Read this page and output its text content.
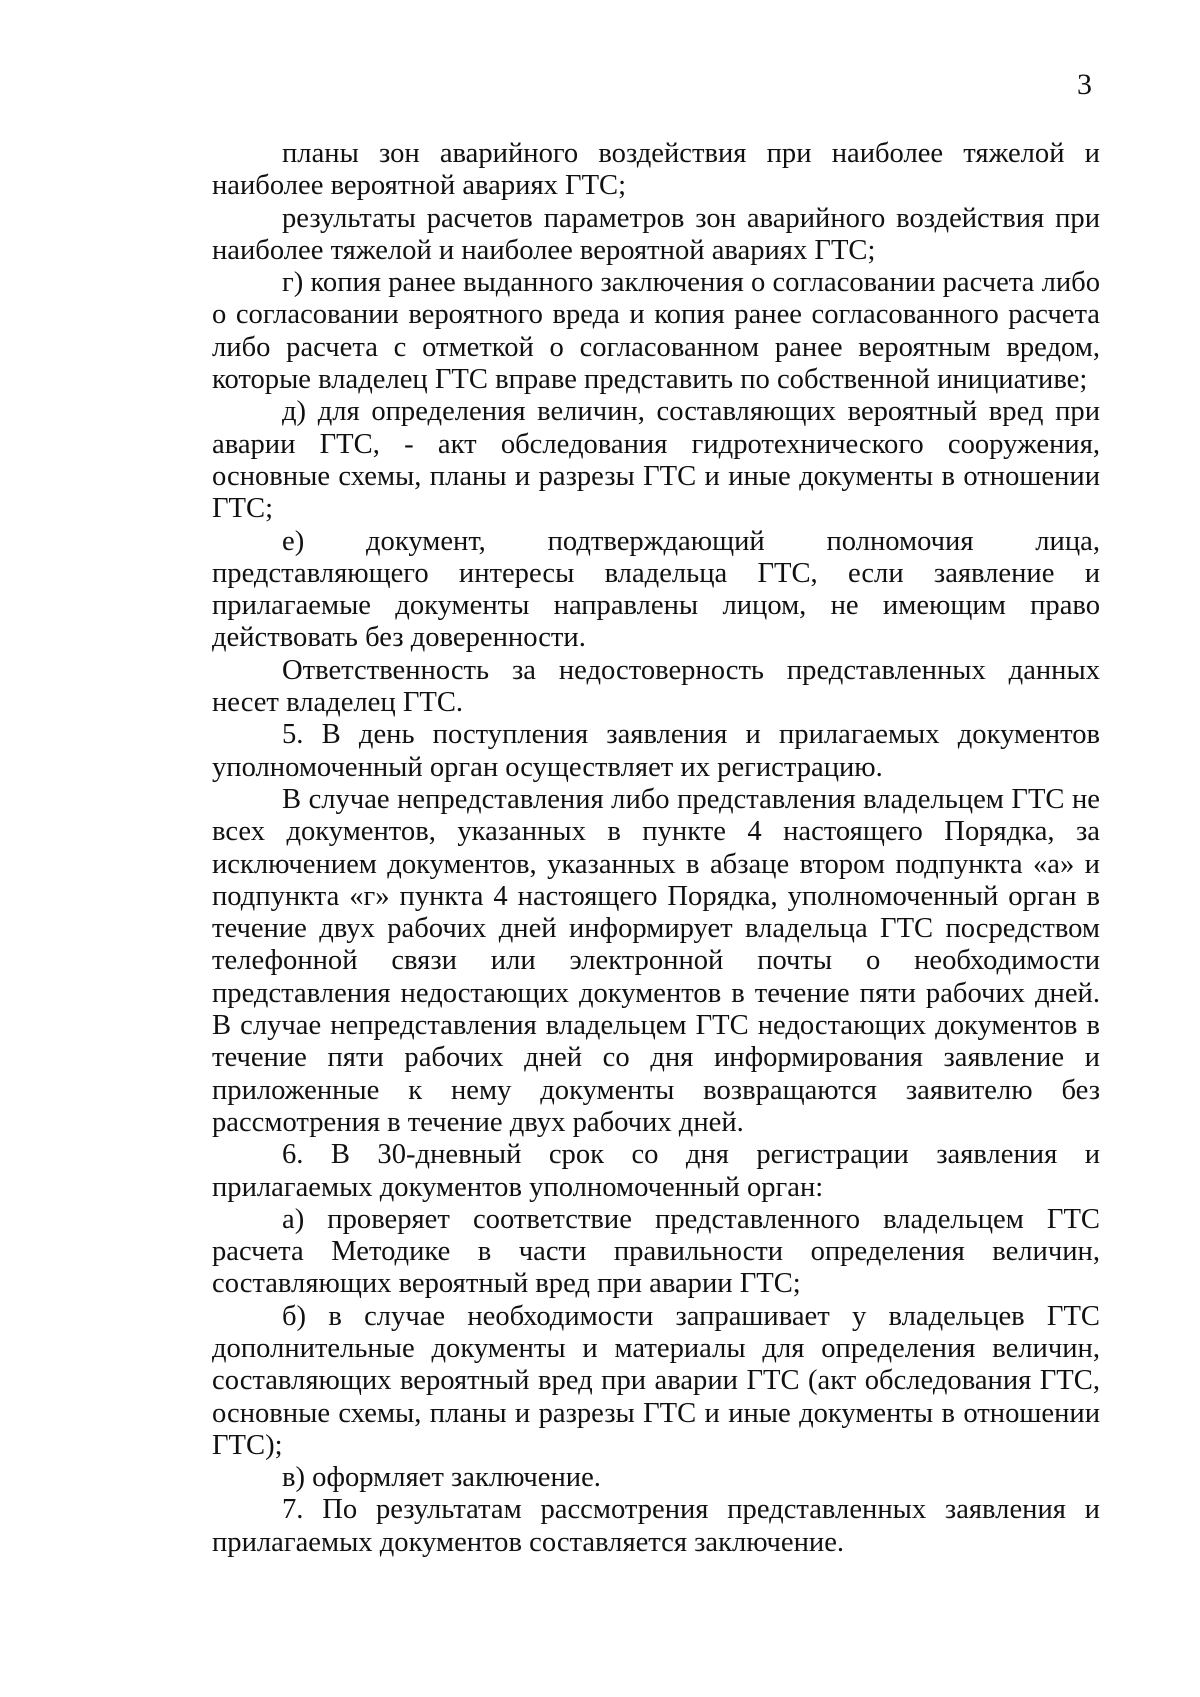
3

планы зон аварийного воздействия при наиболее тяжелой и наиболее вероятной авариях ГТС;

результаты расчетов параметров зон аварийного воздействия при наиболее тяжелой и наиболее вероятной авариях ГТС;

г) копия ранее выданного заключения о согласовании расчета либо о согласовании вероятного вреда и копия ранее согласованного расчета либо расчета с отметкой о согласованном ранее вероятным вредом, которые владелец ГТС вправе представить по собственной инициативе;

д) для определения величин, составляющих вероятный вред при аварии ГТС, - акт обследования гидротехнического сооружения, основные схемы, планы и разрезы ГТС и иные документы в отношении ГТС;

е) документ, подтверждающий полномочия лица, представляющего интересы владельца ГТС, если заявление и прилагаемые документы направлены лицом, не имеющим право действовать без доверенности.

Ответственность за недостоверность представленных данных несет владелец ГТС.

5. В день поступления заявления и прилагаемых документов уполномоченный орган осуществляет их регистрацию.

В случае непредставления либо представления владельцем ГТС не всех документов, указанных в пункте 4 настоящего Порядка, за исключением документов, указанных в абзаце втором подпункта «а» и подпункта «г» пункта 4 настоящего Порядка, уполномоченный орган в течение двух рабочих дней информирует владельца ГТС посредством телефонной связи или электронной почты о необходимости представления недостающих документов в течение пяти рабочих дней. В случае непредставления владельцем ГТС недостающих документов в течение пяти рабочих дней со дня информирования заявление и приложенные к нему документы возвращаются заявителю без рассмотрения в течение двух рабочих дней.

6. В 30-дневный срок со дня регистрации заявления и прилагаемых документов уполномоченный орган:

а) проверяет соответствие представленного владельцем ГТС расчета Методике в части правильности определения величин, составляющих вероятный вред при аварии ГТС;

б) в случае необходимости запрашивает у владельцев ГТС дополнительные документы и материалы для определения величин, составляющих вероятный вред при аварии ГТС (акт обследования ГТС, основные схемы, планы и разрезы ГТС и иные документы в отношении ГТС);

в) оформляет заключение.

7. По результатам рассмотрения представленных заявления и прилагаемых документов составляется заключение.
